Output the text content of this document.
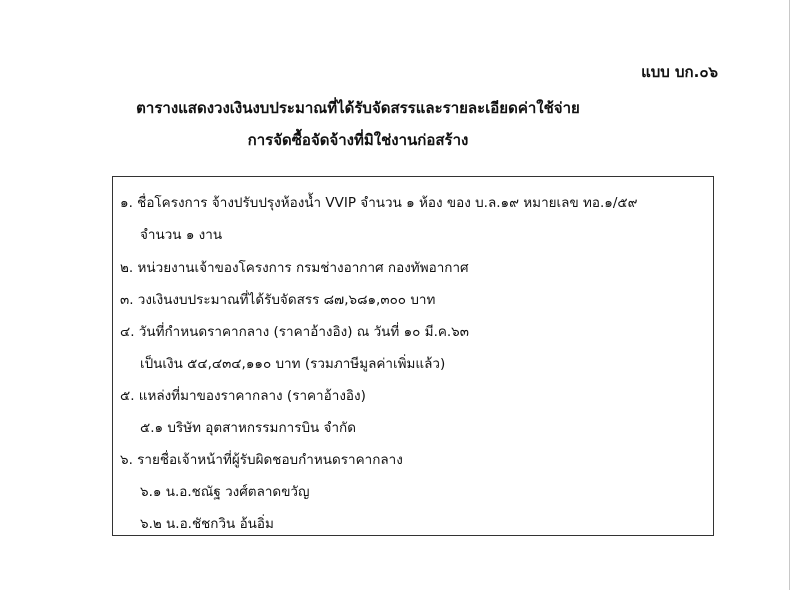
แบบ บก.๐๖
ตารางแสดงวงเงินงบประมาณที่ได้รับจัดสรรและรายละเอียดค่าใช้จ่าย
การจัดซื้อจัดจ้างที่มิใช่งานก่อสร้าง
๑. ชื่อโครงการ จ้างปรับปรุงห้องน้ำ VVIP จำนวน ๑ ห้อง ของ บ.ล.๑๙ หมายเลข ทอ.๑/๕๙
จำนวน ๑ งาน
๒. หน่วยงานเจ้าของโครงการ กรมช่างอากาศ กองทัพอากาศ
๓. วงเงินงบประมาณที่ได้รับจัดสรร ๘๗,๖๘๑,๓๐๐ บาท
๔. วันที่กำหนดราคากลาง (ราคาอ้างอิง) ณ วันที่ ๑๐ มี.ค.๖๓
เป็นเงิน ๕๔,๔๓๔,๑๑๐ บาท (รวมภาษีมูลค่าเพิ่มแล้ว)
๕. แหล่งที่มาของราคากลาง (ราคาอ้างอิง)
๕.๑ บริษัท อุตสาหกรรมการบิน จำกัด
๖. รายชื่อเจ้าหน้าที่ผู้รับผิดชอบกำหนดราคากลาง
๖.๑ น.อ.ชณัฐ วงศ์ตลาดขวัญ
๖.๒ น.อ.ชัชกวิน อ้นอิ่ม
